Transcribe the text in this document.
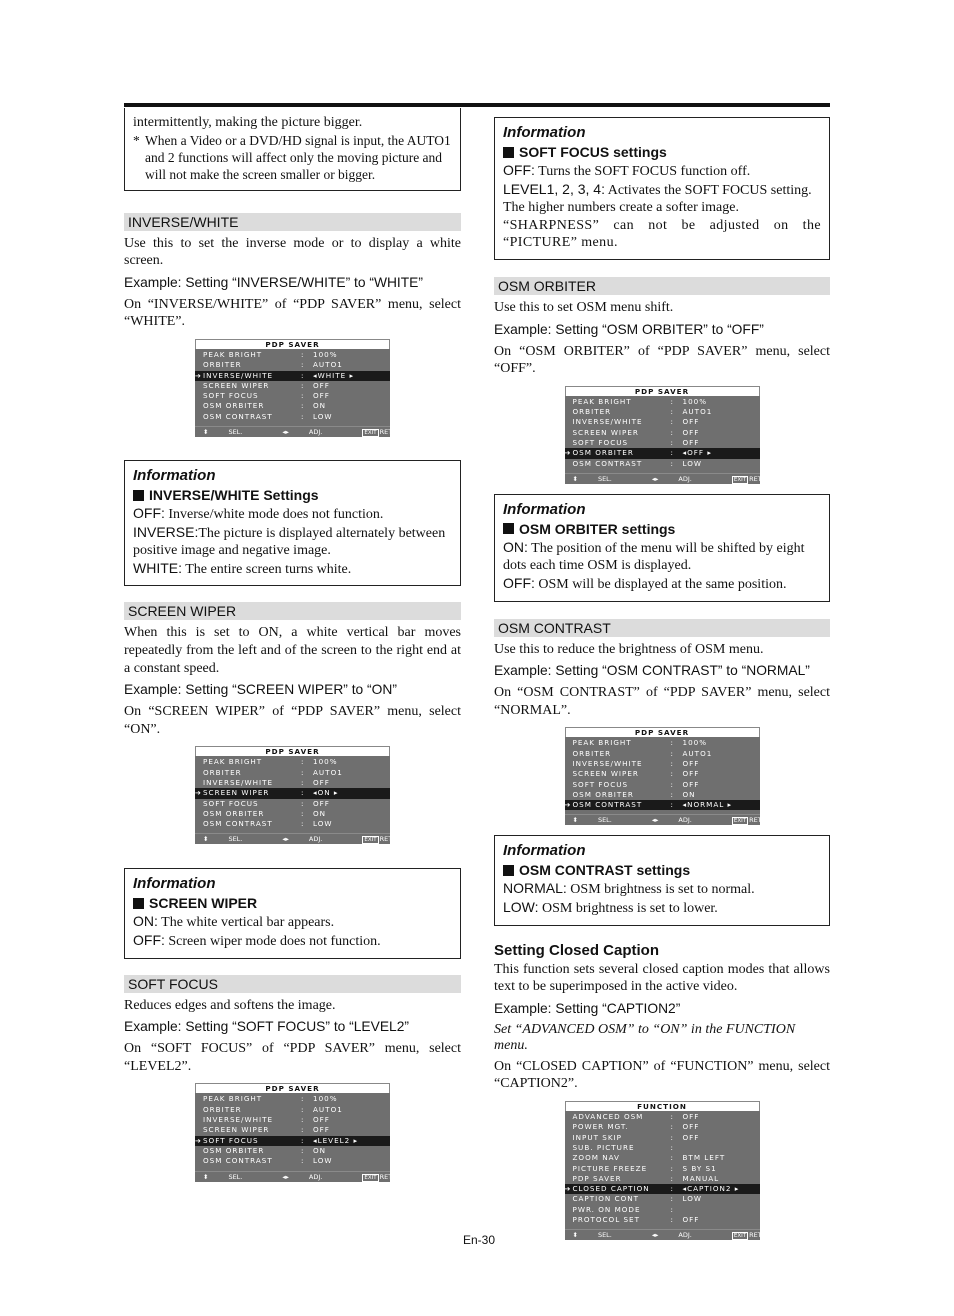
intermittently, making the picture bigger.
* When a Video or a DVD/HD signal is input, the AUTO1 and 2 functions will affect only the moving picture and will not make the screen smaller or bigger.
INVERSE/WHITE
Use this to set the inverse mode or to display a white screen.
Example: Setting “INVERSE/WHITE” to “WHITE”
On “INVERSE/WHITE” of “PDP SAVER” menu, select “WHITE”.
PDP SAVER
PEAK BRIGHT	:	100%
ORBITER	:	AUTO1
➔ INVERSE/WHITE	:	◂WHITE ▸
SCREEN WIPER	:	OFF
SOFT FOCUS	:	OFF
OSM ORBITER	:	ON
OSM CONTRAST	:	LOW
⬍	SEL.	◂▸	ADJ.	EXIT RETURN
Information
INVERSE/WHITE Settings
OFF: Inverse/white mode does not function.
INVERSE:The picture is displayed alternately between positive image and negative image.
WHITE: The entire screen turns white.
SCREEN WIPER
When this is set to ON, a white vertical bar moves repeatedly from the left and of the screen to the right end at a constant speed.
Example: Setting “SCREEN WIPER” to “ON”
On “SCREEN WIPER” of “PDP SAVER” menu, select “ON”.
PDP SAVER
PEAK BRIGHT	:	100%
ORBITER	:	AUTO1
INVERSE/WHITE	:	OFF
➔ SCREEN WIPER	:	◂ON ▸
SOFT FOCUS	:	OFF
OSM ORBITER	:	ON
OSM CONTRAST	:	LOW
⬍	SEL.	◂▸	ADJ.	EXIT RETURN
Information
SCREEN WIPER
ON: The white vertical bar appears.
OFF: Screen wiper mode does not function.
SOFT FOCUS
Reduces edges and softens the image.
Example: Setting “SOFT FOCUS” to “LEVEL2”
On “SOFT FOCUS” of “PDP SAVER” menu, select “LEVEL2”.
PDP SAVER
PEAK BRIGHT	:	100%
ORBITER	:	AUTO1
INVERSE/WHITE	:	OFF
SCREEN WIPER	:	OFF
➔ SOFT FOCUS	:	◂LEVEL2 ▸
OSM ORBITER	:	ON
OSM CONTRAST	:	LOW
⬍	SEL.	◂▸	ADJ.	EXIT RETURN
Information
SOFT FOCUS settings
OFF: Turns the SOFT FOCUS function off.
LEVEL1, 2, 3, 4: Activates the SOFT FOCUS setting. The higher numbers create a softer image.
“SHARPNESS” can not be adjusted on the “PICTURE” menu.
OSM ORBITER
Use this to set OSM menu shift.
Example: Setting “OSM ORBITER” to “OFF”
On “OSM ORBITER” of “PDP SAVER” menu, select “OFF”.
PDP SAVER
PEAK BRIGHT	:	100%
ORBITER	:	AUTO1
INVERSE/WHITE	:	OFF
SCREEN WIPER	:	OFF
SOFT FOCUS	:	OFF
➔ OSM ORBITER	:	◂OFF ▸
OSM CONTRAST	:	LOW
⬍	SEL.	◂▸	ADJ.	EXIT RETURN
Information
OSM ORBITER settings
ON: The position of the menu will be shifted by eight dots each time OSM is displayed.
OFF: OSM will be displayed at the same position.
OSM CONTRAST
Use this to reduce the brightness of OSM menu.
Example: Setting “OSM CONTRAST” to “NORMAL”
On “OSM CONTRAST” of “PDP SAVER” menu, select “NORMAL”.
PDP SAVER
PEAK BRIGHT	:	100%
ORBITER	:	AUTO1
INVERSE/WHITE	:	OFF
SCREEN WIPER	:	OFF
SOFT FOCUS	:	OFF
OSM ORBITER	:	ON
➔ OSM CONTRAST	:	◂NORMAL ▸
⬍	SEL.	◂▸	ADJ.	EXIT RETURN
Information
OSM CONTRAST settings
NORMAL: OSM brightness is set to normal.
LOW: OSM brightness is set to lower.
Setting Closed Caption
This function sets several closed caption modes that allows text to be superimposed in the active video.
Example: Setting “CAPTION2”
Set “ADVANCED OSM” to “ON” in the FUNCTION menu.
On “CLOSED CAPTION” of “FUNCTION” menu, select “CAPTION2”.
FUNCTION
ADVANCED OSM	:	OFF
POWER MGT.	:	OFF
INPUT SKIP	:	OFF
SUB. PICTURE	:
ZOOM NAV	:	BTM LEFT
PICTURE FREEZE	:	S BY S1
PDP SAVER	:	MANUAL
➔ CLOSED CAPTION	:	◂CAPTION2 ▸
CAPTION CONT	:	LOW
PWR. ON MODE	:
PROTOCOL SET	:	OFF
⬍	SEL.	◂▸	ADJ.	EXIT RETURN
En-30
